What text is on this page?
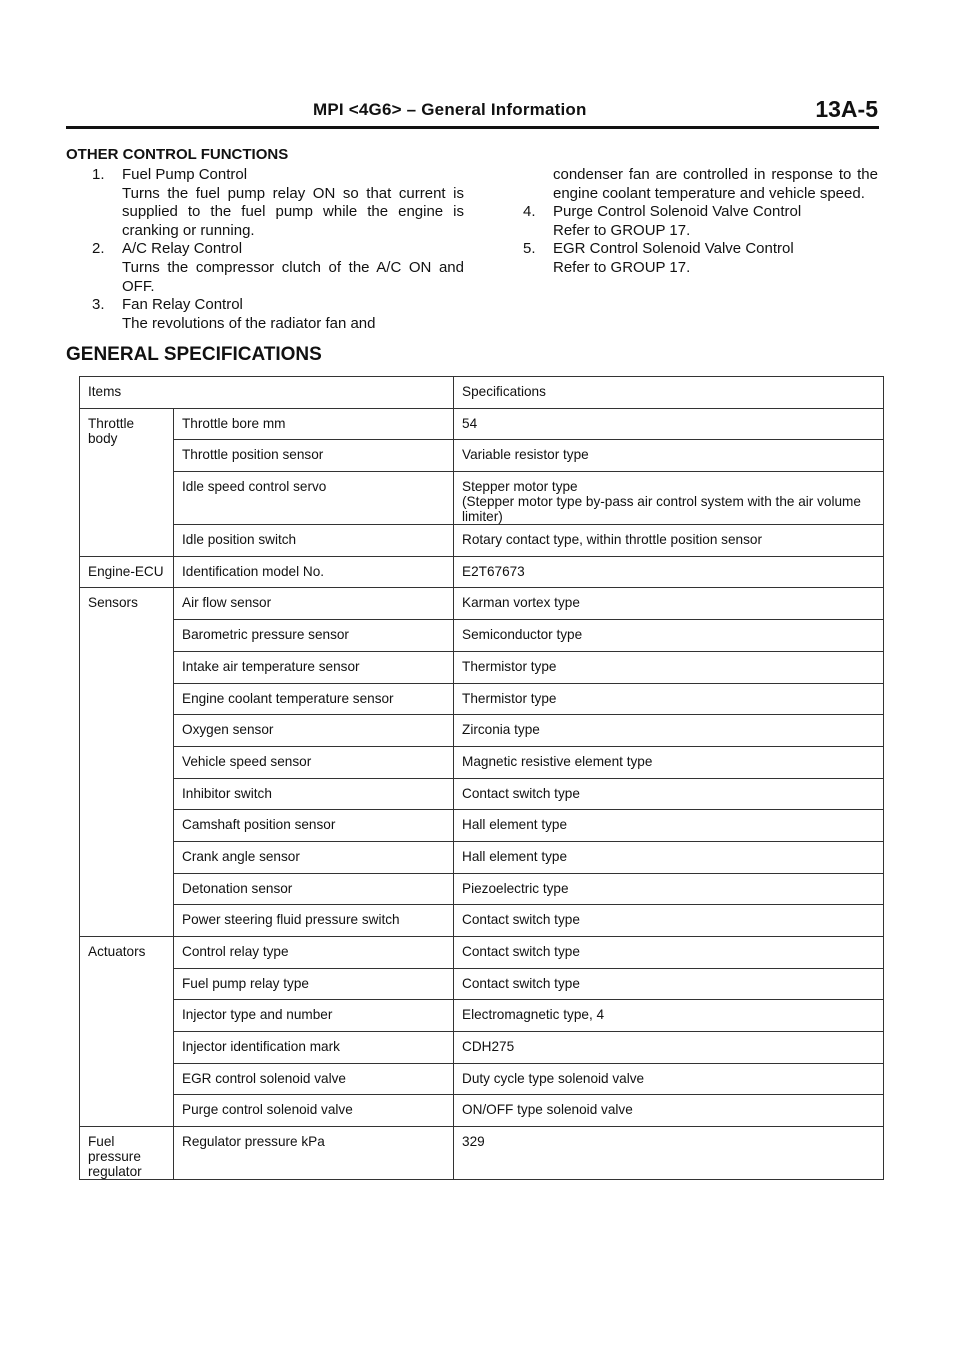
MPI <4G6> – General Information	13A-5
OTHER CONTROL FUNCTIONS
1. Fuel Pump Control
Turns the fuel pump relay ON so that current is supplied to the fuel pump while the engine is cranking or running.
2. A/C Relay Control
Turns the compressor clutch of the A/C ON and OFF.
3. Fan Relay Control
The revolutions of the radiator fan and
condenser fan are controlled in response to the engine coolant temperature and vehicle speed.
4. Purge Control Solenoid Valve Control
Refer to GROUP 17.
5. EGR Control Solenoid Valve Control
Refer to GROUP 17.
GENERAL SPECIFICATIONS
Items		Specifications
Throttle body	Throttle bore mm	54

	Throttle position sensor	Variable resistor type

	Idle speed control servo	Stepper motor type
(Stepper motor type by-pass air control system with the air volume limiter)

	Idle position switch	Rotary contact type, within throttle position sensor

Engine-ECU	Identification model No.	E2T67673

Sensors	Air flow sensor	Karman vortex type

	Barometric pressure sensor	Semiconductor type

	Intake air temperature sensor	Thermistor type

	Engine coolant temperature sensor	Thermistor type

	Oxygen sensor	Zirconia type

	Vehicle speed sensor	Magnetic resistive element type

	Inhibitor switch	Contact switch type

	Camshaft position sensor	Hall element type

	Crank angle sensor	Hall element type

	Detonation sensor	Piezoelectric type

	Power steering fluid pressure switch	Contact switch type

Actuators	Control relay type	Contact switch type

	Fuel pump relay type	Contact switch type

	Injector type and number	Electromagnetic type, 4

	Injector identification mark	CDH275

	EGR control solenoid valve	Duty cycle type solenoid valve

	Purge control solenoid valve	ON/OFF type solenoid valve

Fuel pressure regulator	Regulator pressure kPa	329
